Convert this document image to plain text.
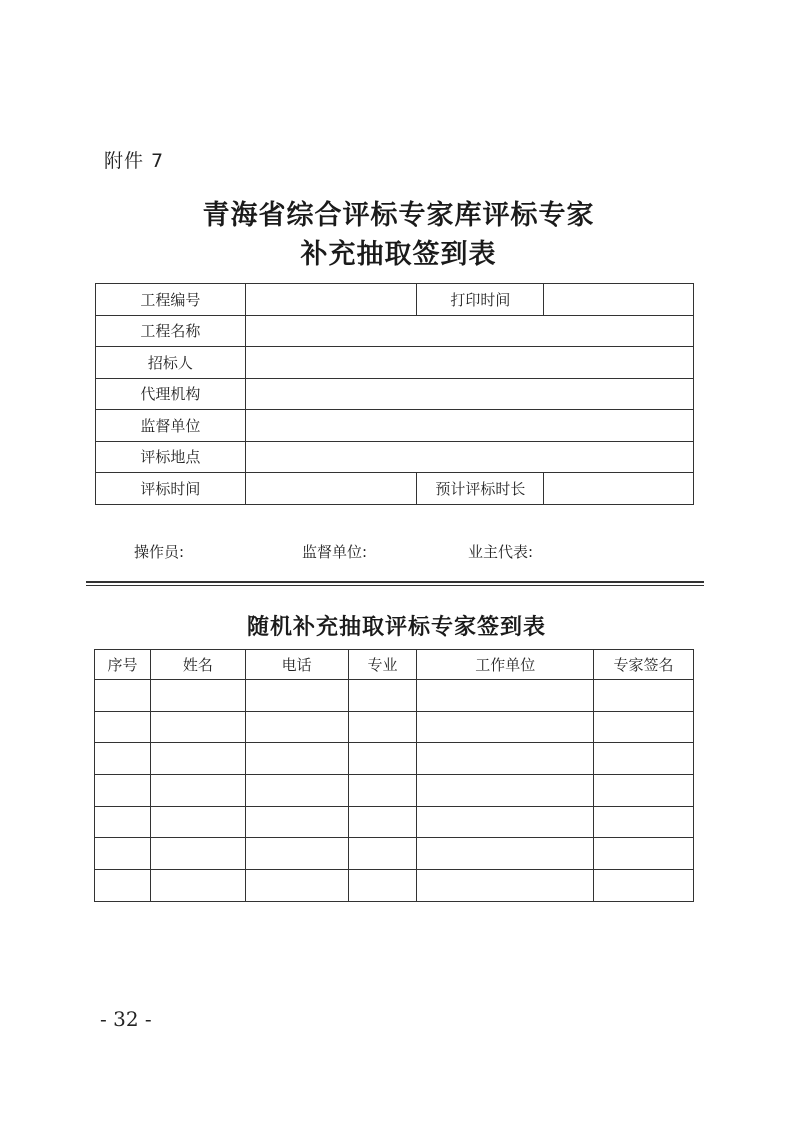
附件 7
青海省综合评标专家库评标专家
补充抽取签到表
工程编号		打印时间	
工程名称			
招标人			
代理机构			
监督单位			
评标地点			
评标时间		预计评标时长	
操作员:	监督单位:	业主代表:
随机补充抽取评标专家签到表
序号	姓名	电话	专业	工作单位	专家签名

- 32 -
